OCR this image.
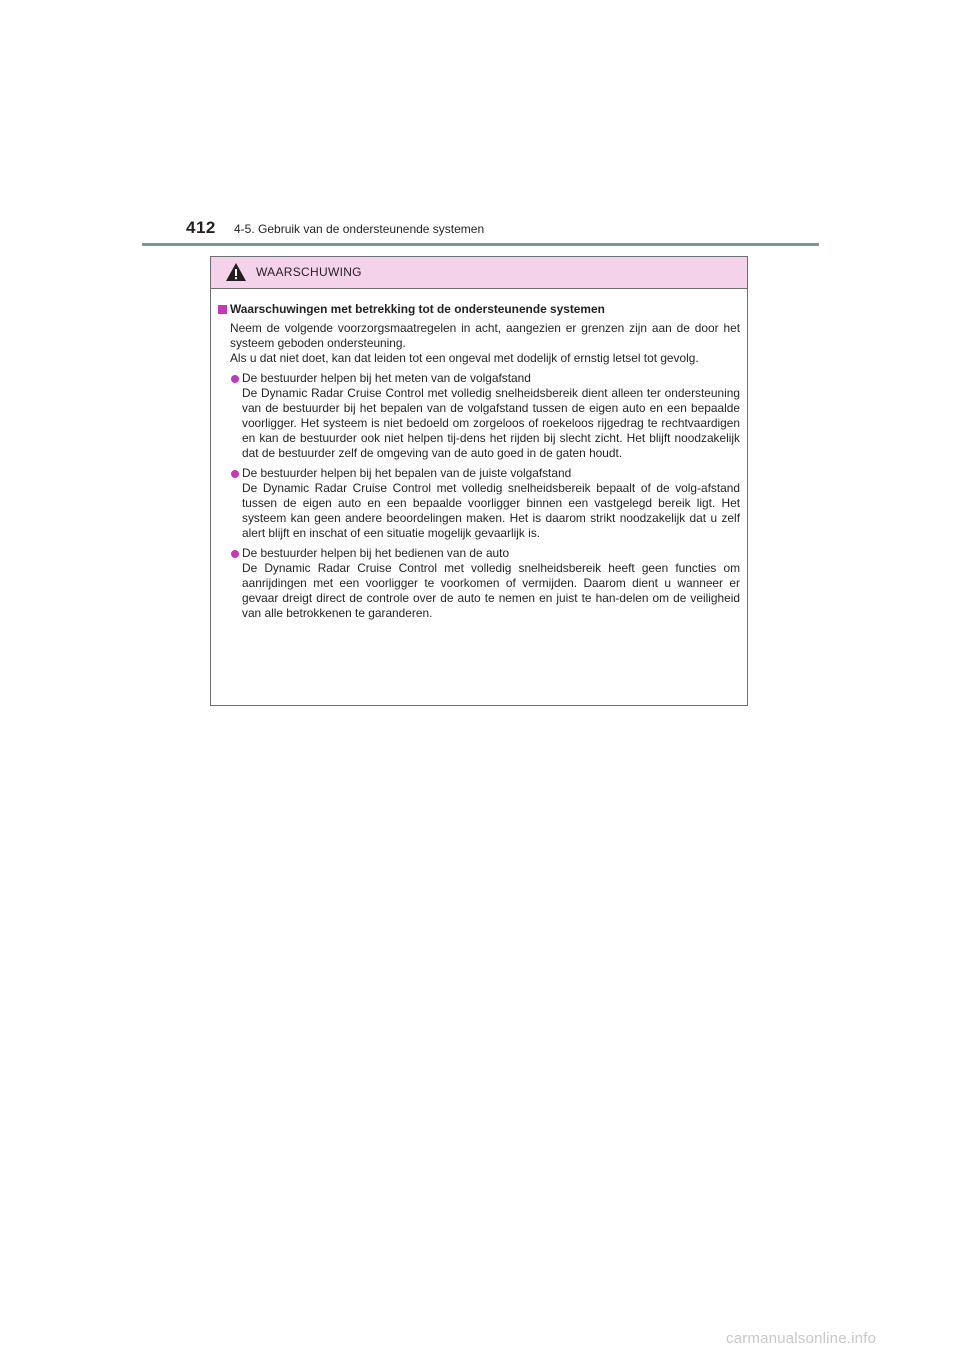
412 4-5. Gebruik van de ondersteunende systemen
WAARSCHUWING
Waarschuwingen met betrekking tot de ondersteunende systemen

Neem de volgende voorzorgsmaatregelen in acht, aangezien er grenzen zijn aan de door het systeem geboden ondersteuning.

Als u dat niet doet, kan dat leiden tot een ongeval met dodelijk of ernstig letsel tot gevolg.

De bestuurder helpen bij het meten van de volgafstand

De Dynamic Radar Cruise Control met volledig snelheidsbereik dient alleen ter ondersteuning van de bestuurder bij het bepalen van de volgafstand tussen de eigen auto en een bepaalde voorligger. Het systeem is niet bedoeld om zorgeloos of roekeloos rijgedrag te rechtvaardigen en kan de bestuurder ook niet helpen tij-dens het rijden bij slecht zicht. Het blijft noodzakelijk dat de bestuurder zelf de omgeving van de auto goed in de gaten houdt.

De bestuurder helpen bij het bepalen van de juiste volgafstand

De Dynamic Radar Cruise Control met volledig snelheidsbereik bepaalt of de volg-afstand tussen de eigen auto en een bepaalde voorligger binnen een vastgelegd bereik ligt. Het systeem kan geen andere beoordelingen maken. Het is daarom strikt noodzakelijk dat u zelf alert blijft en inschat of een situatie mogelijk gevaarlijk is.

De bestuurder helpen bij het bedienen van de auto

De Dynamic Radar Cruise Control met volledig snelheidsbereik heeft geen functies om aanrijdingen met een voorligger te voorkomen of vermijden. Daarom dient u wanneer er gevaar dreigt direct de controle over de auto te nemen en juist te han-delen om de veiligheid van alle betrokkenen te garanderen.

carmanualsonline.info
